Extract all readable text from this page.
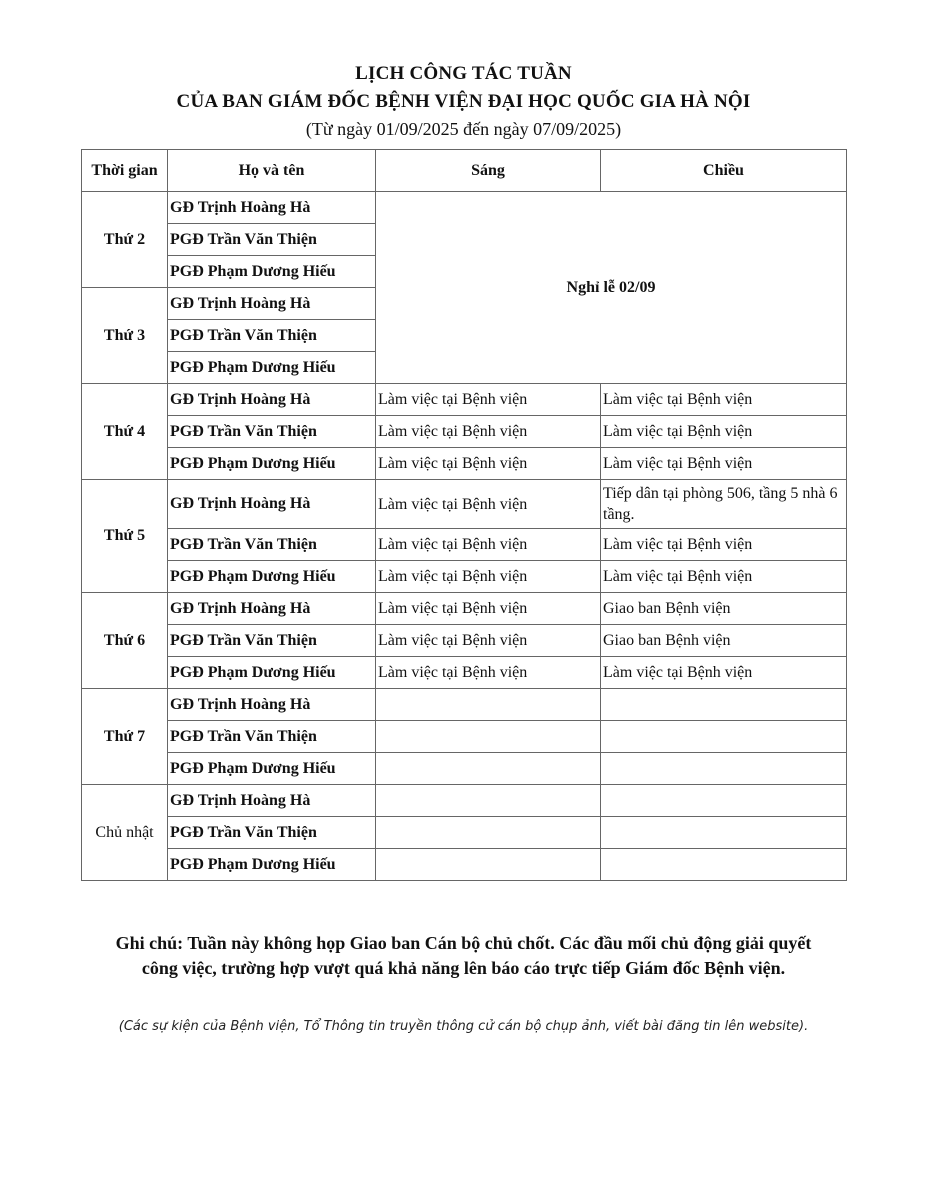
LỊCH CÔNG TÁC TUẦN
CỦA BAN GIÁM ĐỐC BỆNH VIỆN ĐẠI HỌC QUỐC GIA HÀ NỘI
(Từ ngày 01/09/2025 đến ngày 07/09/2025)
Thời gian	Họ và tên	Sáng	Chiều
Thứ 2	GĐ Trịnh Hoàng Hà	Nghỉ lễ 02/09	
	PGĐ Trần Văn Thiện		
	PGĐ Phạm Dương Hiếu		
Thứ 3	GĐ Trịnh Hoàng Hà		
	PGĐ Trần Văn Thiện		
	PGĐ Phạm Dương Hiếu		
Thứ 4	GĐ Trịnh Hoàng Hà	Làm việc tại Bệnh viện	Làm việc tại Bệnh viện
	PGĐ Trần Văn Thiện	Làm việc tại Bệnh viện	Làm việc tại Bệnh viện
	PGĐ Phạm Dương Hiếu	Làm việc tại Bệnh viện	Làm việc tại Bệnh viện
Thứ 5	GĐ Trịnh Hoàng Hà	Làm việc tại Bệnh viện	Tiếp dân tại phòng 506, tầng 5 nhà 6 tầng.
	PGĐ Trần Văn Thiện	Làm việc tại Bệnh viện	Làm việc tại Bệnh viện
	PGĐ Phạm Dương Hiếu	Làm việc tại Bệnh viện	Làm việc tại Bệnh viện
Thứ 6	GĐ Trịnh Hoàng Hà	Làm việc tại Bệnh viện	Giao ban Bệnh viện
	PGĐ Trần Văn Thiện	Làm việc tại Bệnh viện	Giao ban Bệnh viện
	PGĐ Phạm Dương Hiếu	Làm việc tại Bệnh viện	Làm việc tại Bệnh viện
Thứ 7	GĐ Trịnh Hoàng Hà		
	PGĐ Trần Văn Thiện		
	PGĐ Phạm Dương Hiếu		
Chủ nhật	GĐ Trịnh Hoàng Hà		
	PGĐ Trần Văn Thiện		
	PGĐ Phạm Dương Hiếu		
Ghi chú: Tuần này không họp Giao ban Cán bộ chủ chốt. Các đầu mối chủ động giải quyết công việc, trường hợp vượt quá khả năng lên báo cáo trực tiếp Giám đốc Bệnh viện.
(Các sự kiện của Bệnh viện, Tổ Thông tin truyền thông cử cán bộ chụp ảnh, viết bài đăng tin lên website).
